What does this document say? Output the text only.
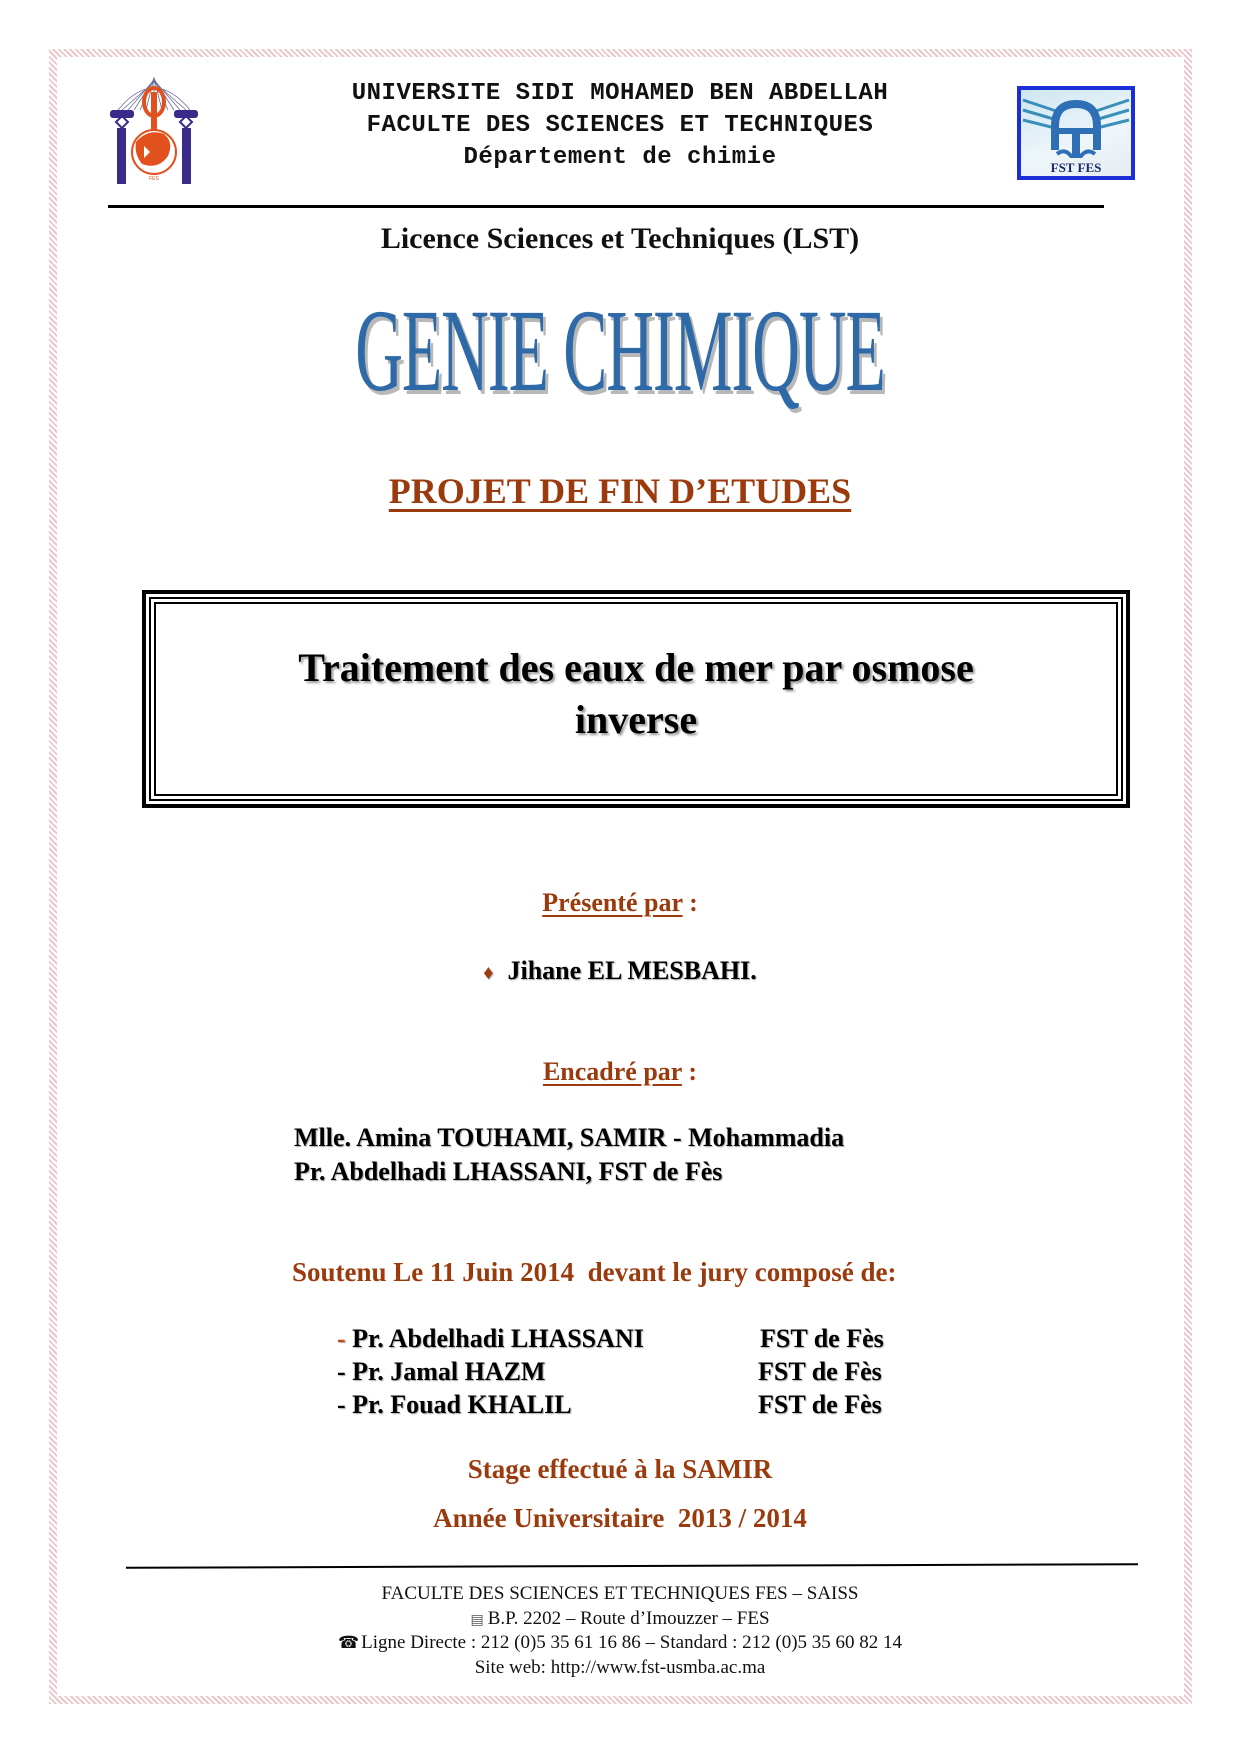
FES
UNIVERSITE SIDI MOHAMED BEN ABDELLAH
FACULTE DES SCIENCES ET TECHNIQUES
Département de chimie	FST FES
Licence Sciences et Techniques (LST)
GENIE CHIMIQUE
PROJET DE FIN D’ETUDES
Traitement des eaux de mer par osmose
inverse
Présenté par :
♦ Jihane EL MESBAHI.
Encadré par :
Mlle. Amina TOUHAMI, SAMIR - Mohammadia
Pr. Abdelhadi LHASSANI, FST de Fès
Soutenu Le 11 Juin 2014  devant le jury composé de:
- Pr. Abdelhadi LHASSANI	FST de Fès
- Pr. Jamal HAZM	FST de Fès
- Pr. Fouad KHALIL	FST de Fès
Stage effectué à la SAMIR
Année Universitaire  2013 / 2014
FACULTE DES SCIENCES ET TECHNIQUES FES – SAISS
▤ B.P. 2202 – Route d’Imouzzer – FES
☎ Ligne Directe : 212 (0)5 35 61 16 86 – Standard : 212 (0)5 35 60 82 14
Site web: http://www.fst-usmba.ac.ma
